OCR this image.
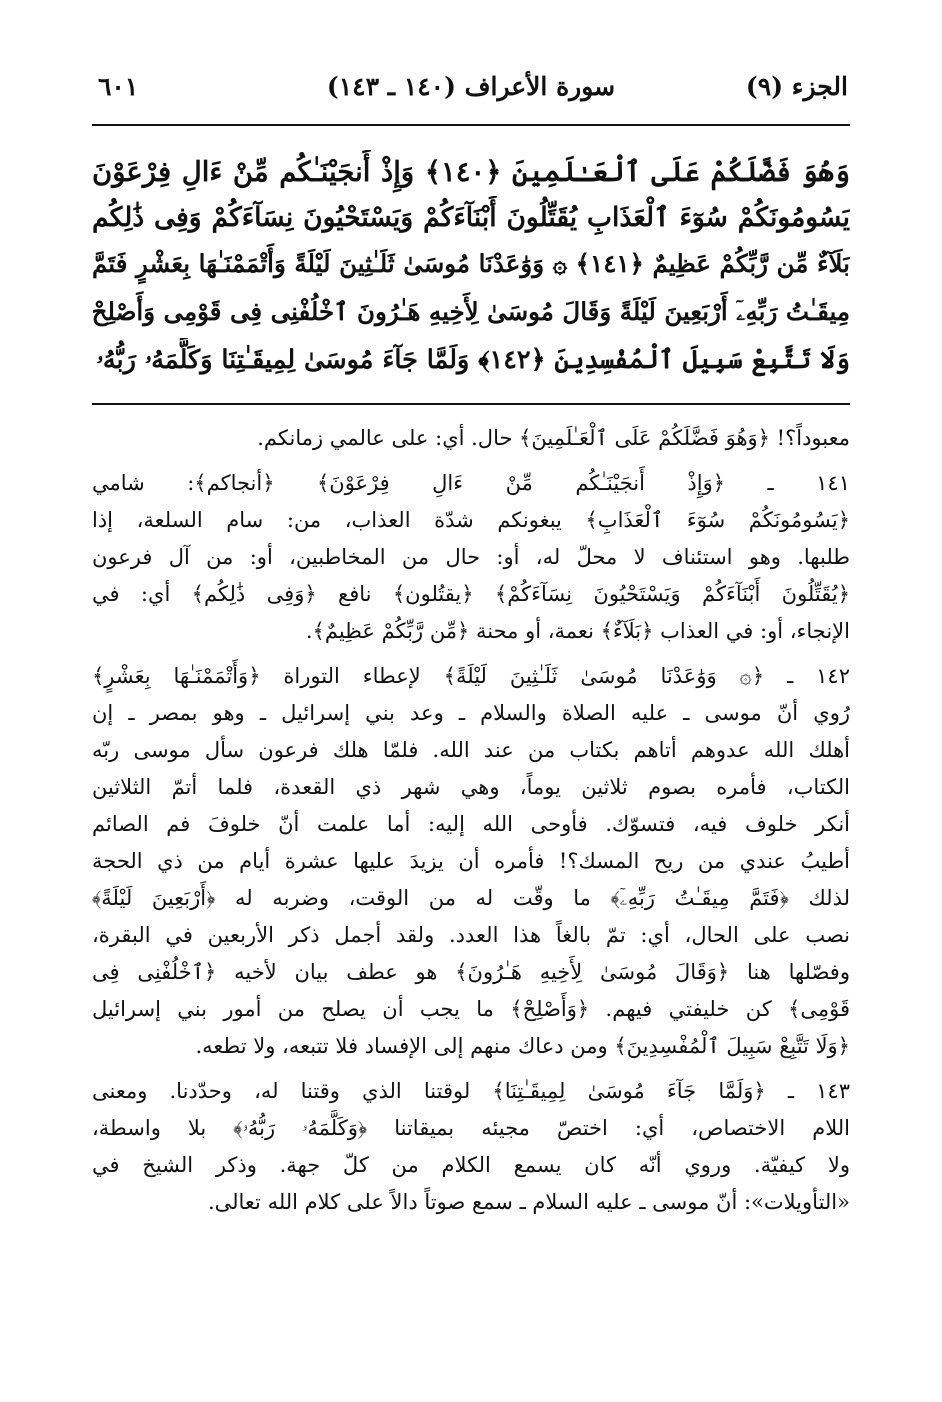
الجزء (٩)
سورة الأعراف (١٤٠ ـ ١٤٣)
٦٠١
وَهُوَ فَضَّلَكُمْ عَلَى ٱلْعَـٰلَمِينَ ﴿١٤٠﴾ وَإِذْ أَنجَيْنَـٰكُم مِّنْ ءَالِ فِرْعَوْنَ
يَسُومُونَكُمْ سُوٓءَ ٱلْعَذَابِ يُقَتِّلُونَ أَبْنَآءَكُمْ وَيَسْتَحْيُونَ نِسَآءَكُمْ وَفِى ذَٰلِكُم
بَلَآءٌ مِّن رَّبِّكُمْ عَظِيمٌ ﴿١٤١﴾ ۞ وَوَٰعَدْنَا مُوسَىٰ ثَلَـٰثِينَ لَيْلَةً وَأَتْمَمْنَـٰهَا بِعَشْرٍ فَتَمَّ
مِيقَـٰتُ رَبِّهِۦٓ أَرْبَعِينَ لَيْلَةً وَقَالَ مُوسَىٰ لِأَخِيهِ هَـٰرُونَ ٱخْلُفْنِى فِى قَوْمِى وَأَصْلِحْ
وَلَا تَتَّبِعْ سَبِيلَ ٱلْمُفْسِدِينَ ﴿١٤٢﴾ وَلَمَّا جَآءَ مُوسَىٰ لِمِيقَـٰتِنَا وَكَلَّمَهُۥ رَبُّهُۥ
معبوداً؟! ﴿وَهُوَ فَضَّلَكُمْ عَلَى ٱلْعَـٰلَمِينَ﴾ حال. أي: على عالمي زمانكم.
١٤١ ـ ﴿وَإِذْ أَنجَيْنَـٰكُم مِّنْ ءَالِ فِرْعَوْنَ﴾ ﴿أنجاكم﴾: شامي
﴿يَسُومُونَكُمْ سُوٓءَ ٱلْعَذَابِ﴾ يبغونكم شدّة العذاب، من: سام السلعة، إذا
طلبها. وهو استئناف لا محلّ له، أو: حال من المخاطبين، أو: من آل فرعون
﴿يُقَتِّلُونَ أَبْنَآءَكُمْ وَيَسْتَحْيُونَ نِسَآءَكُمْ﴾ ﴿يقتُلون﴾ نافع ﴿وَفِى ذَٰلِكُم﴾ أي: في
الإنجاء، أو: في العذاب ﴿بَلَآءٌ﴾ نعمة، أو محنة ﴿مِّن رَّبِّكُمْ عَظِيمٌ﴾.
١٤٢ ـ ﴿۞ وَوَٰعَدْنَا مُوسَىٰ ثَلَـٰثِينَ لَيْلَةً﴾ لإعطاء التوراة ﴿وَأَتْمَمْنَـٰهَا بِعَشْرٍ﴾
رُوي أنّ موسى ـ عليه الصلاة والسلام ـ وعد بني إسرائيل ـ وهو بمصر ـ إن
أهلك الله عدوهم أتاهم بكتاب من عند الله. فلمّا هلك فرعون سأل موسى ربّه
الكتاب، فأمره بصوم ثلاثين يوماً، وهي شهر ذي القعدة، فلما أتمّ الثلاثين
أنكر خلوف فيه، فتسوّك. فأوحى الله إليه: أما علمت أنّ خلوفَ فم الصائم
أطيبُ عندي من ريح المسك؟! فأمره أن يزيدَ عليها عشرة أيام من ذي الحجة
لذلك ﴿فَتَمَّ مِيقَـٰتُ رَبِّهِۦٓ﴾ ما وقّت له من الوقت، وضربه له ﴿أَرْبَعِينَ لَيْلَةً﴾
نصب على الحال، أي: تمّ بالغاً هذا العدد. ولقد أجمل ذكر الأربعين في البقرة،
وفصّلها هنا ﴿وَقَالَ مُوسَىٰ لِأَخِيهِ هَـٰرُونَ﴾ هو عطف بيان لأخيه ﴿ٱخْلُفْنِى فِى
قَوْمِى﴾ كن خليفتي فيهم. ﴿وَأَصْلِحْ﴾ ما يجب أن يصلح من أمور بني إسرائيل
﴿وَلَا تَتَّبِعْ سَبِيلَ ٱلْمُفْسِدِينَ﴾ ومن دعاك منهم إلى الإفساد فلا تتبعه، ولا تطعه.
١٤٣ ـ ﴿وَلَمَّا جَآءَ مُوسَىٰ لِمِيقَـٰتِنَا﴾ لوقتنا الذي وقتنا له، وحدّدنا. ومعنى
اللام الاختصاص، أي: اختصّ مجيئه بميقاتنا ﴿وَكَلَّمَهُۥ رَبُّهُۥ﴾ بلا واسطة،
ولا كيفيّة. وروي أنّه كان يسمع الكلام من كلّ جهة. وذكر الشيخ في
«التأويلات»: أنّ موسى ـ عليه السلام ـ سمع صوتاً دالاً على كلام الله تعالى.
